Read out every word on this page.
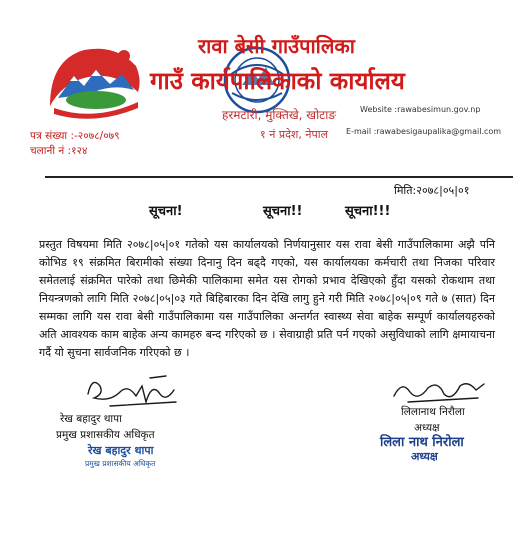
रावा बेसी गाउँपालिका
गाउँ कार्यपालिकाको कार्यालय
हरमटारी, मुक्तिखे, खोटाङ
१ नं प्रदेश, नेपाल
Website :rawabesimun.gov.np
E-mail :rawabesigaupalika@gmail.com
पत्र संख्या :-२०७८/०७९
चलानी नं :१२४
मिति:२०७८|०५|०१
सूचना!	सूचना!!	सूचना!!!
प्रस्तुत विषयमा मिति २०७८|०५|०१ गतेको यस कार्यालयको निर्णयानुसार यस रावा बेसी गाउँपालिकामा अझै पनि कोभिड १९ संक्रमित बिरामीको संख्या दिनानु दिन बढ्दै गएको, यस कार्यालयका कर्मचारी तथा निजका परिवार समेतलाई संक्रमित पारेको तथा छिमेकी पालिकामा समेत यस रोगको प्रभाव देखिएको हुँदा यसको रोकथाम तथा नियन्त्रणको लागि मिति २०७८|०५|०३ गते बिहिबारका दिन देखि लागु हुने गरी मिति २०७८|०५|०९ गते ७ (सात) दिन सम्मका लागि यस रावा बेसी गाउँपालिकामा यस गाउँपालिका अन्तर्गत स्वास्थ्य सेवा बाहेक सम्पूर्ण कार्यालयहरुको अति आवश्यक काम बाहेक अन्य कामहरु बन्द गरिएको छ । सेवाग्राही प्रति पर्न गएको असुविधाको लागि क्षमायाचना गर्दै यो सुचना सार्वजनिक गरिएको छ ।
रेख बहादुर थापा
प्रमुख प्रशासकीय अधिकृत
रेख बहादुर थापा
प्रमुख प्रशासकीय अधिकृत
लिलानाथ निरौला
अध्यक्ष
लिला नाथ निरोला
अध्यक्ष
